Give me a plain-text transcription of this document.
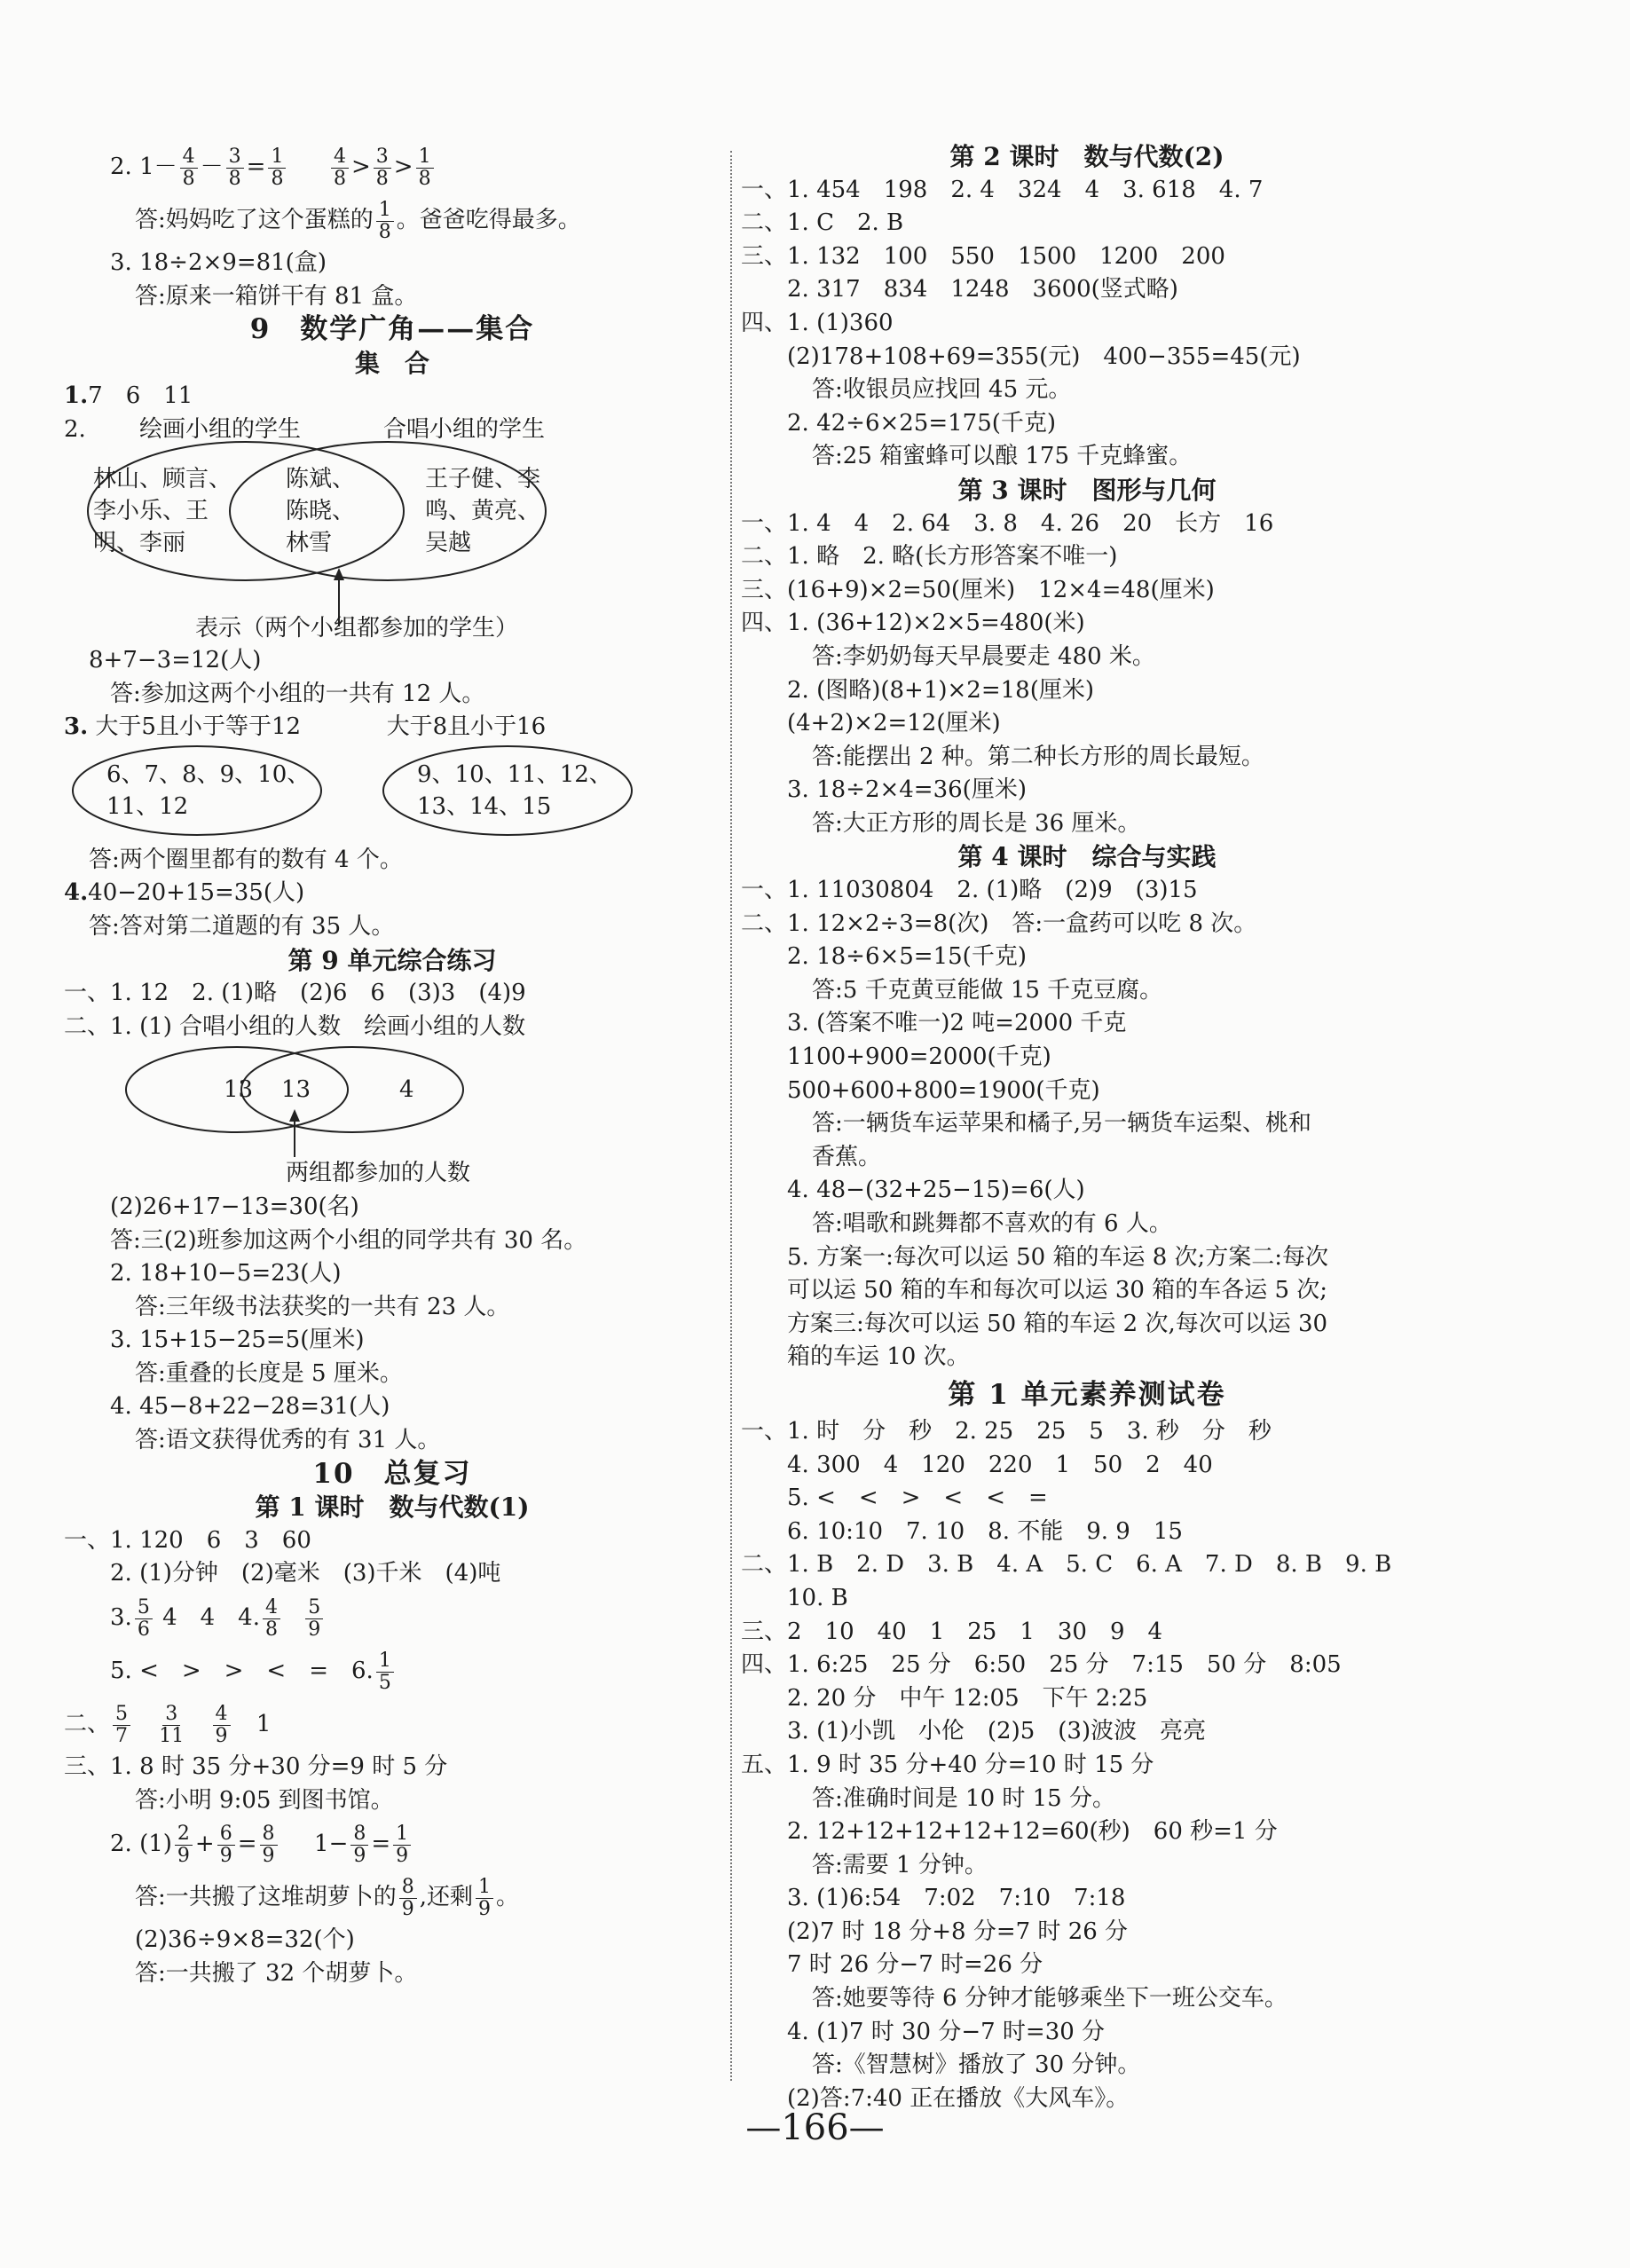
2. $1- \frac{4}{8} - \frac{3}{8} = \frac{1}{8}$
$\frac{4}{8} > \frac{3}{8} > \frac{1}{8}$
答:妈妈吃了这个蛋糕的 $\frac{1}{8}$ 。爸爸吃得最多。
3. 18÷2×9=81(盒)
答:原来一箱饼干有 81 盒。
9　数学广角——集合
集　合
1.7　6　11
2. 绘画小组的学生	合唱小组的学生
林山、顾言、
李小乐、王
明、李丽
陈斌、
陈晓、
林雪
王子健、李
鸣、黄亮、
吴越
表示（两个小组都参加的学生）
8+7−3=12(人)
答:参加这两个小组的一共有 12 人。
3. 大于5且小于等于12	大于8且小于16
6、7、8、9、10、
11、12
9、10、11、12、
13、14、15
答:两个圈里都有的数有 4 个。
4.40−20+15=35(人)
答:答对第二道题的有 35 人。
第 9 单元综合练习
一、1. 12　2. (1)略　(2)6　6　(3)3　(4)9
二、1. (1) 合唱小组的人数　绘画小组的人数
13 13	4
两组都参加的人数
(2)26+17−13=30(名)
答:三(2)班参加这两个小组的同学共有 30 名。
2. 18+10−5=23(人)
答:三年级书法获奖的一共有 23 人。
3. 15+15−25=5(厘米)
答:重叠的长度是 5 厘米。
4. 45−8+22−28=31(人)
答:语文获得优秀的有 31 人。
10　总复习
第 1 课时　数与代数(1)
一、1. 120　6　3　60
2. (1)分钟　(2)毫米　(3)千米　(4)吨
3. $\frac{5}{6} 4$　4　4. $\frac{4}{8}$
$\frac{5}{9}$
5. <　>　>　<　=　6. $\frac{1}{5}$
二、 $\frac{5}{7}$
$\frac{3}{11}$
$\frac{4}{9} 1$
三、1. 8 时 35 分+30 分=9 时 5 分
答:小明 9:05 到图书馆。
2. $(1) \frac{2}{9} + \frac{6}{9} = \frac{8}{9} 1- \frac{8}{9} = \frac{1}{9}$
答:一共搬了这堆胡萝卜的 $\frac{8}{9}$ ,还剩 $\frac{1}{9}$ 。
(2)36÷9×8=32(个)
答:一共搬了 32 个胡萝卜。
第 2 课时　数与代数(2)
一、1. 454　198　2. 4　324　4　3. 618　4. 7
二、1. C　2. B
三、1. 132　100　550　1500　1200　200
2. 317　834　1248　3600(竖式略)
四、1. (1)360
(2)178+108+69=355(元)　400−355=45(元)
答:收银员应找回 45 元。
2. 42÷6×25=175(千克)
答:25 箱蜜蜂可以酿 175 千克蜂蜜。
第 3 课时　图形与几何
一、1. 4　4　2. 64　3. 8　4. 26　20　长方　16
二、1. 略　2. 略(长方形答案不唯一)
三、(16+9)×2=50(厘米)　12×4=48(厘米)
四、1. (36+12)×2×5=480(米)
答:李奶奶每天早晨要走 480 米。
2. (图略)(8+1)×2=18(厘米)
(4+2)×2=12(厘米)
答:能摆出 2 种。第二种长方形的周长最短。
3. 18÷2×4=36(厘米)
答:大正方形的周长是 36 厘米。
第 4 课时　综合与实践
一、1. 11030804　2. (1)略　(2)9　(3)15
二、1. 12×2÷3=8(次)　答:一盒药可以吃 8 次。
2. 18÷6×5=15(千克)
答:5 千克黄豆能做 15 千克豆腐。
3. (答案不唯一)2 吨=2000 千克
1100+900=2000(千克)
500+600+800=1900(千克)
答:一辆货车运苹果和橘子,另一辆货车运梨、桃和
香蕉。
4. 48−(32+25−15)=6(人)
答:唱歌和跳舞都不喜欢的有 6 人。
5. 方案一:每次可以运 50 箱的车运 8 次;方案二:每次
可以运 50 箱的车和每次可以运 30 箱的车各运 5 次;
方案三:每次可以运 50 箱的车运 2 次,每次可以运 30
箱的车运 10 次。
第 1 单元素养测试卷
一、1. 时　分　秒　2. 25　25　5　3. 秒　分　秒
4. 300　4　120　220　1　50　2　40
5. <　<　>　<　<　=
6. 10:10　7. 10　8. 不能　9. 9　15
二、1. B　2. D　3. B　4. A　5. C　6. A　7. D　8. B　9. B
10. B
三、2　10　40　1　25　1　30　9　4
四、1. 6:25　25 分　6:50　25 分　7:15　50 分　8:05
2. 20 分　中午 12:05　下午 2:25
3. (1)小凯　小伦　(2)5　(3)波波　亮亮
五、1. 9 时 35 分+40 分=10 时 15 分
答:准确时间是 10 时 15 分。
2. 12+12+12+12+12=60(秒)　60 秒=1 分
答:需要 1 分钟。
3. (1)6:54　7:02　7:10　7:18
(2)7 时 18 分+8 分=7 时 26 分
7 时 26 分−7 时=26 分
答:她要等待 6 分钟才能够乘坐下一班公交车。
4. (1)7 时 30 分−7 时=30 分
答:《智慧树》播放了 30 分钟。
(2)答:7:40 正在播放《大风车》。
—166—
